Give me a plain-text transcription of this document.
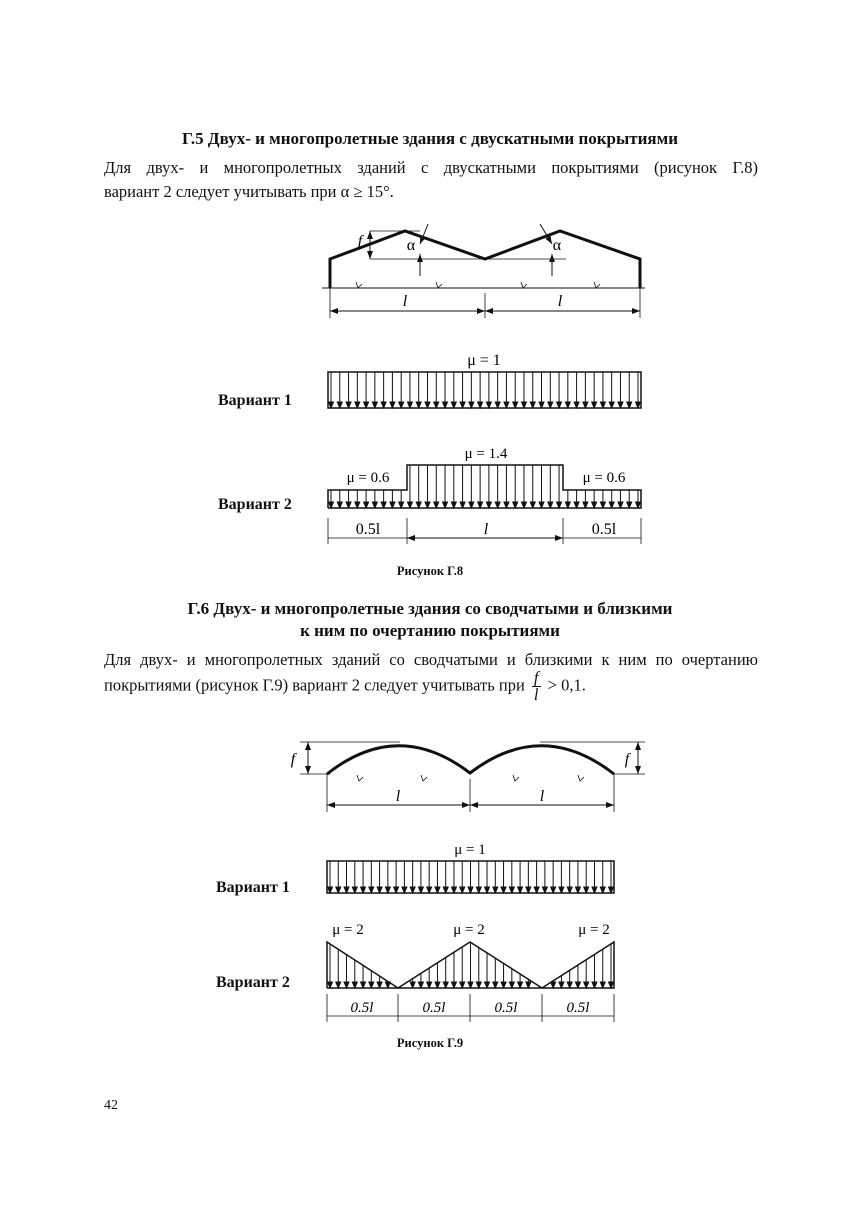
Г.5 Двух- и многопролетные здания с двускатными покрытиями
Для двух- и многопролетных зданий с двускатными покрытиями (рисунок Г.8)
вариант 2 следует учитывать при α ≥ 15°.
f	α	α
l	l
Вариант 1
μ = 1
Вариант 2
μ = 0.6
μ = 1.4
μ = 0.6
0.5l	l	0.5l
Рисунок Г.8
Г.6 Двух- и многопролетные здания со сводчатыми и близкими
к ним по очертанию покрытиями
Для двух- и многопролетных зданий со сводчатыми и близкими к ним по очертанию
покрытиями (рисунок Г.9) вариант 2 следует учитывать при $\frac{f}{l} > 0,1$.
f	f
l	l
Вариант 1
μ = 1
Вариант 2
μ = 2	μ = 2	μ = 2
0.5l	0.5l	0.5l	0.5l
Рисунок Г.9
42
